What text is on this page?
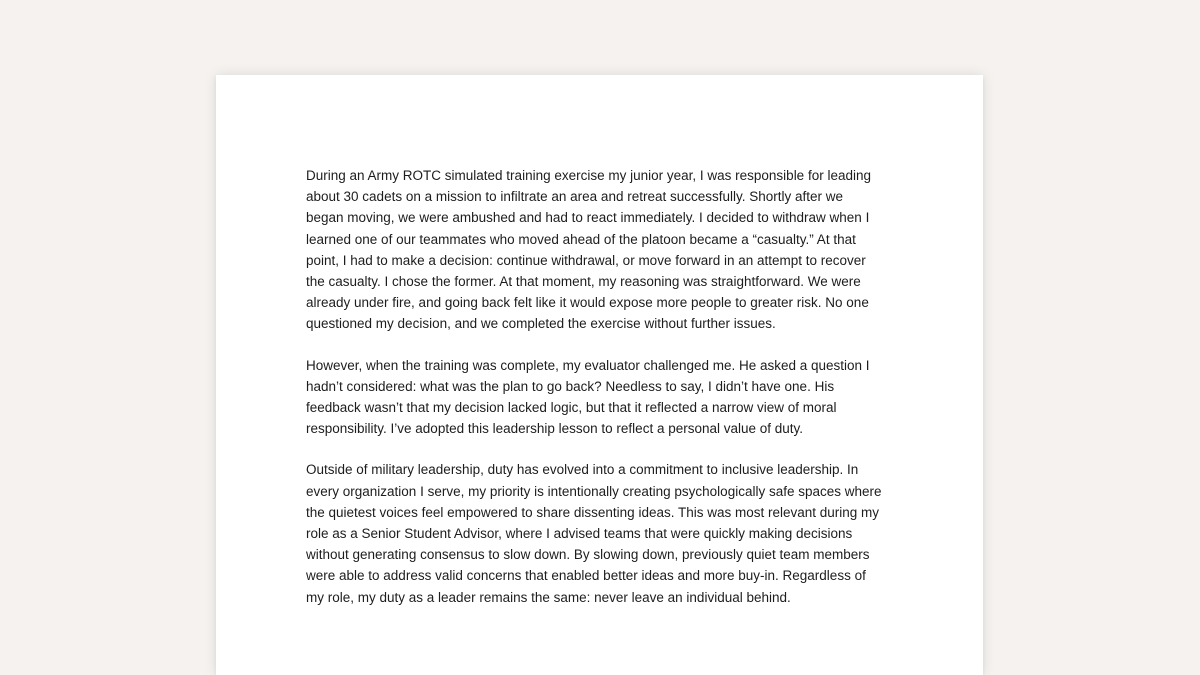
During an Army ROTC simulated training exercise my junior year, I was responsible for leading
about 30 cadets on a mission to infiltrate an area and retreat successfully. Shortly after we
began moving, we were ambushed and had to react immediately. I decided to withdraw when I
learned one of our teammates who moved ahead of the platoon became a “casualty.” At that
point, I had to make a decision: continue withdrawal, or move forward in an attempt to recover
the casualty. I chose the former. At that moment, my reasoning was straightforward. We were
already under fire, and going back felt like it would expose more people to greater risk. No one
questioned my decision, and we completed the exercise without further issues.

However, when the training was complete, my evaluator challenged me. He asked a question I
hadn’t considered: what was the plan to go back? Needless to say, I didn’t have one. His
feedback wasn’t that my decision lacked logic, but that it reflected a narrow view of moral
responsibility. I’ve adopted this leadership lesson to reflect a personal value of duty.

Outside of military leadership, duty has evolved into a commitment to inclusive leadership. In
every organization I serve, my priority is intentionally creating psychologically safe spaces where
the quietest voices feel empowered to share dissenting ideas. This was most relevant during my
role as a Senior Student Advisor, where I advised teams that were quickly making decisions
without generating consensus to slow down. By slowing down, previously quiet team members
were able to address valid concerns that enabled better ideas and more buy-in. Regardless of
my role, my duty as a leader remains the same: never leave an individual behind.
